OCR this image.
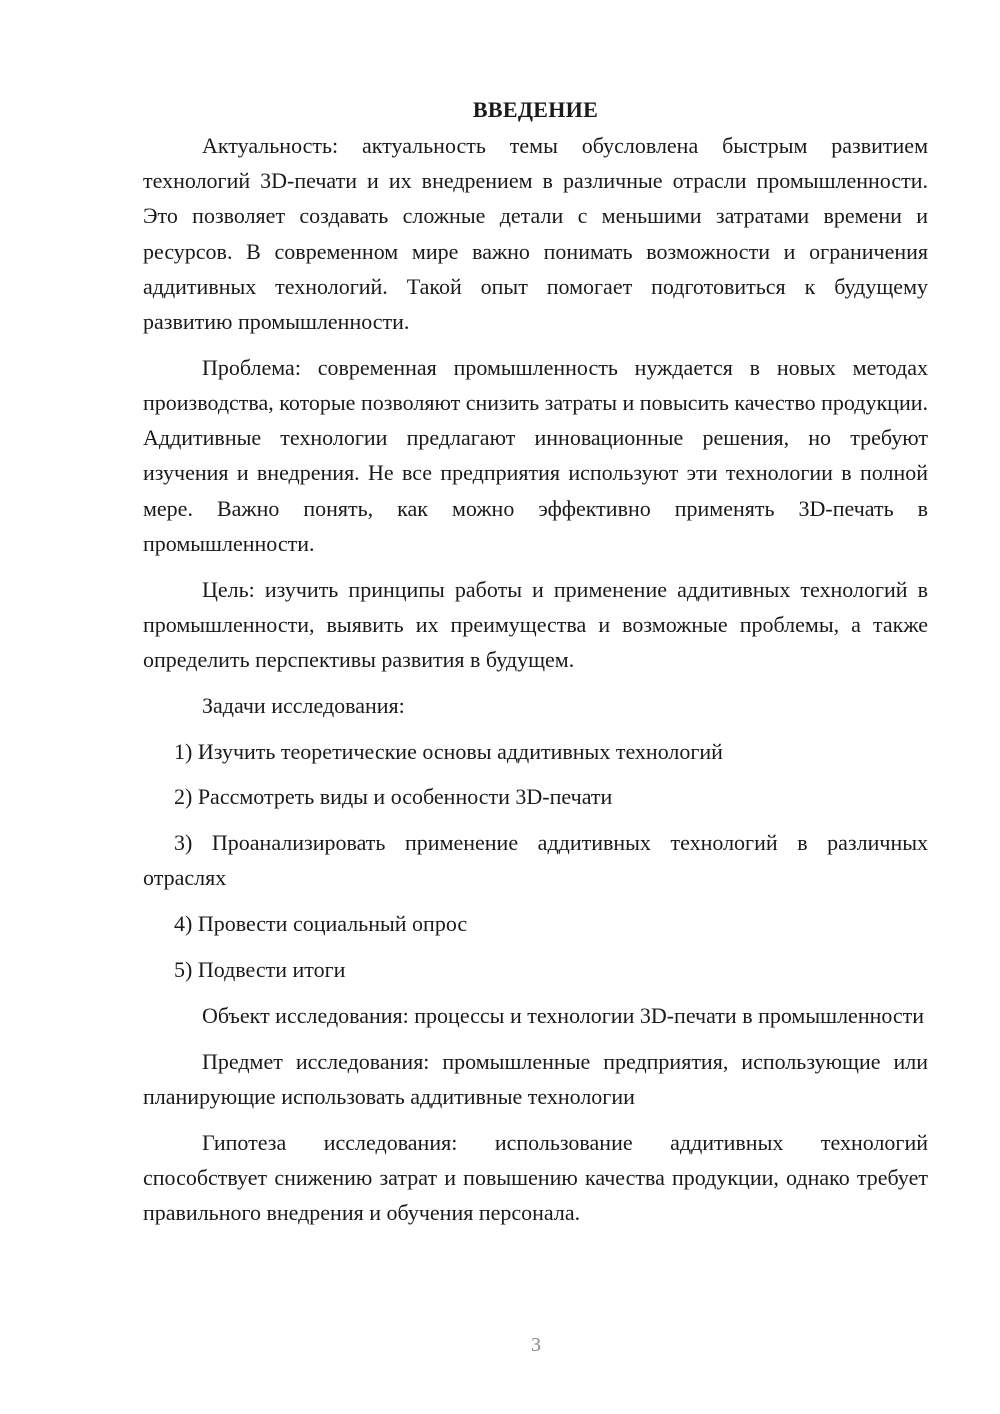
ВВЕДЕНИЕ

Актуальность: актуальность темы обусловлена быстрым развитием технологий 3D-печати и их внедрением в различные отрасли промышленности. Это позволяет создавать сложные детали с меньшими затратами времени и ресурсов. В современном мире важно понимать возможности и ограничения аддитивных технологий. Такой опыт помогает подготовиться к будущему развитию промышленности.

Проблема: современная промышленность нуждается в новых методах производства, которые позволяют снизить затраты и повысить качество продукции. Аддитивные технологии предлагают инновационные решения, но требуют изучения и внедрения. Не все предприятия используют эти технологии в полной мере. Важно понять, как можно эффективно применять 3D-печать в промышленности.

Цель: изучить принципы работы и применение аддитивных технологий в промышленности, выявить их преимущества и возможные проблемы, а также определить перспективы развития в будущем.

Задачи исследования:

1) Изучить теоретические основы аддитивных технологий

2) Рассмотреть виды и особенности 3D-печати

3) Проанализировать применение аддитивных технологий в различных отраслях

4) Провести социальный опрос

5) Подвести итоги

Объект исследования: процессы и технологии 3D-печати в промышленности

Предмет исследования: промышленные предприятия, использующие или планирующие использовать аддитивные технологии

Гипотеза исследования: использование аддитивных технологий способствует снижению затрат и повышению качества продукции, однако требует правильного внедрения и обучения персонала.

3
